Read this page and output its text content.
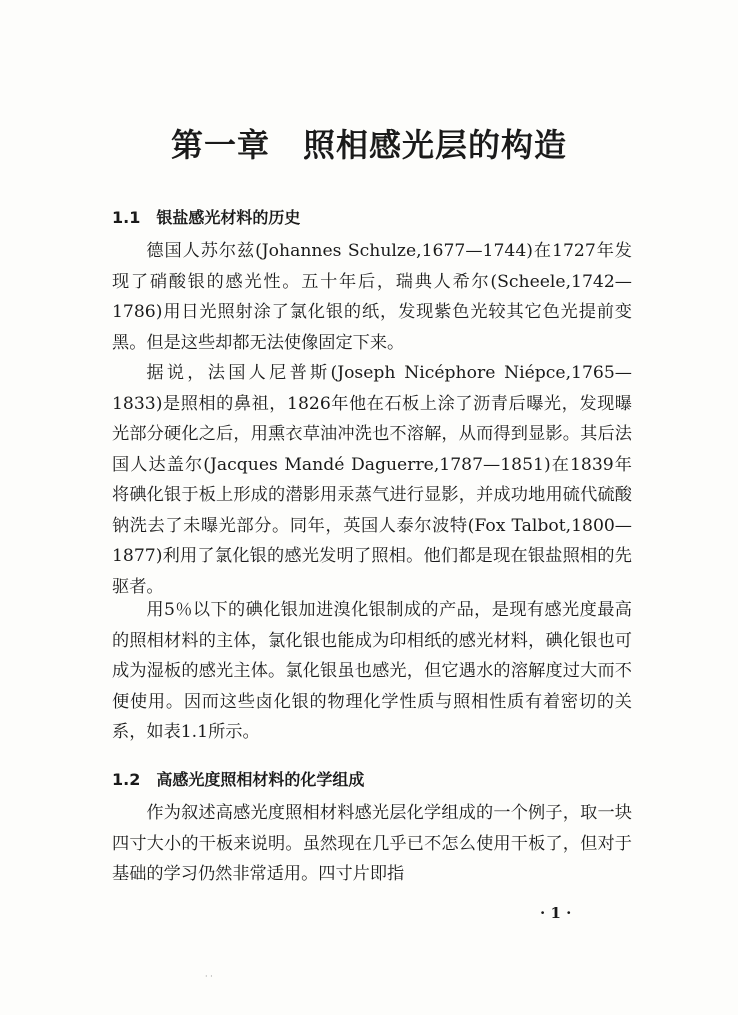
第一章　照相感光层的构造
1.1　银盐感光材料的历史

德国人苏尔兹(Johannes Schulze,1677—1744)在1727年发现了硝酸银的感光性。五十年后，瑞典人希尔(Scheele,1742—1786)用日光照射涂了氯化银的纸，发现紫色光较其它色光提前变黑。但是这些却都无法使像固定下来。

据说，法国人尼普斯(Joseph Nicéphore Niépce,1765—1833)是照相的鼻祖，1826年他在石板上涂了沥青后曝光，发现曝光部分硬化之后，用熏衣草油冲洗也不溶解，从而得到显影。其后法国人达盖尔(Jacques Mandé Daguerre,1787—1851)在1839年将碘化银于板上形成的潜影用汞蒸气进行显影，并成功地用硫代硫酸钠洗去了未曝光部分。同年，英国人泰尔波特(Fox Talbot,1800—1877)利用了氯化银的感光发明了照相。他们都是现在银盐照相的先驱者。

用5％以下的碘化银加进溴化银制成的产品，是现有感光度最高的照相材料的主体，氯化银也能成为印相纸的感光材料，碘化银也可成为湿板的感光主体。氯化银虽也感光，但它遇水的溶解度过大而不便使用。因而这些卤化银的物理化学性质与照相性质有着密切的关系，如表1.1所示。

1.2　高感光度照相材料的化学组成

作为叙述高感光度照相材料感光层化学组成的一个例子，取一块四寸大小的干板来说明。虽然现在几乎已不怎么使用干板了，但对于基础的学习仍然非常适用。四寸片即指

· 1 ·
· ·
